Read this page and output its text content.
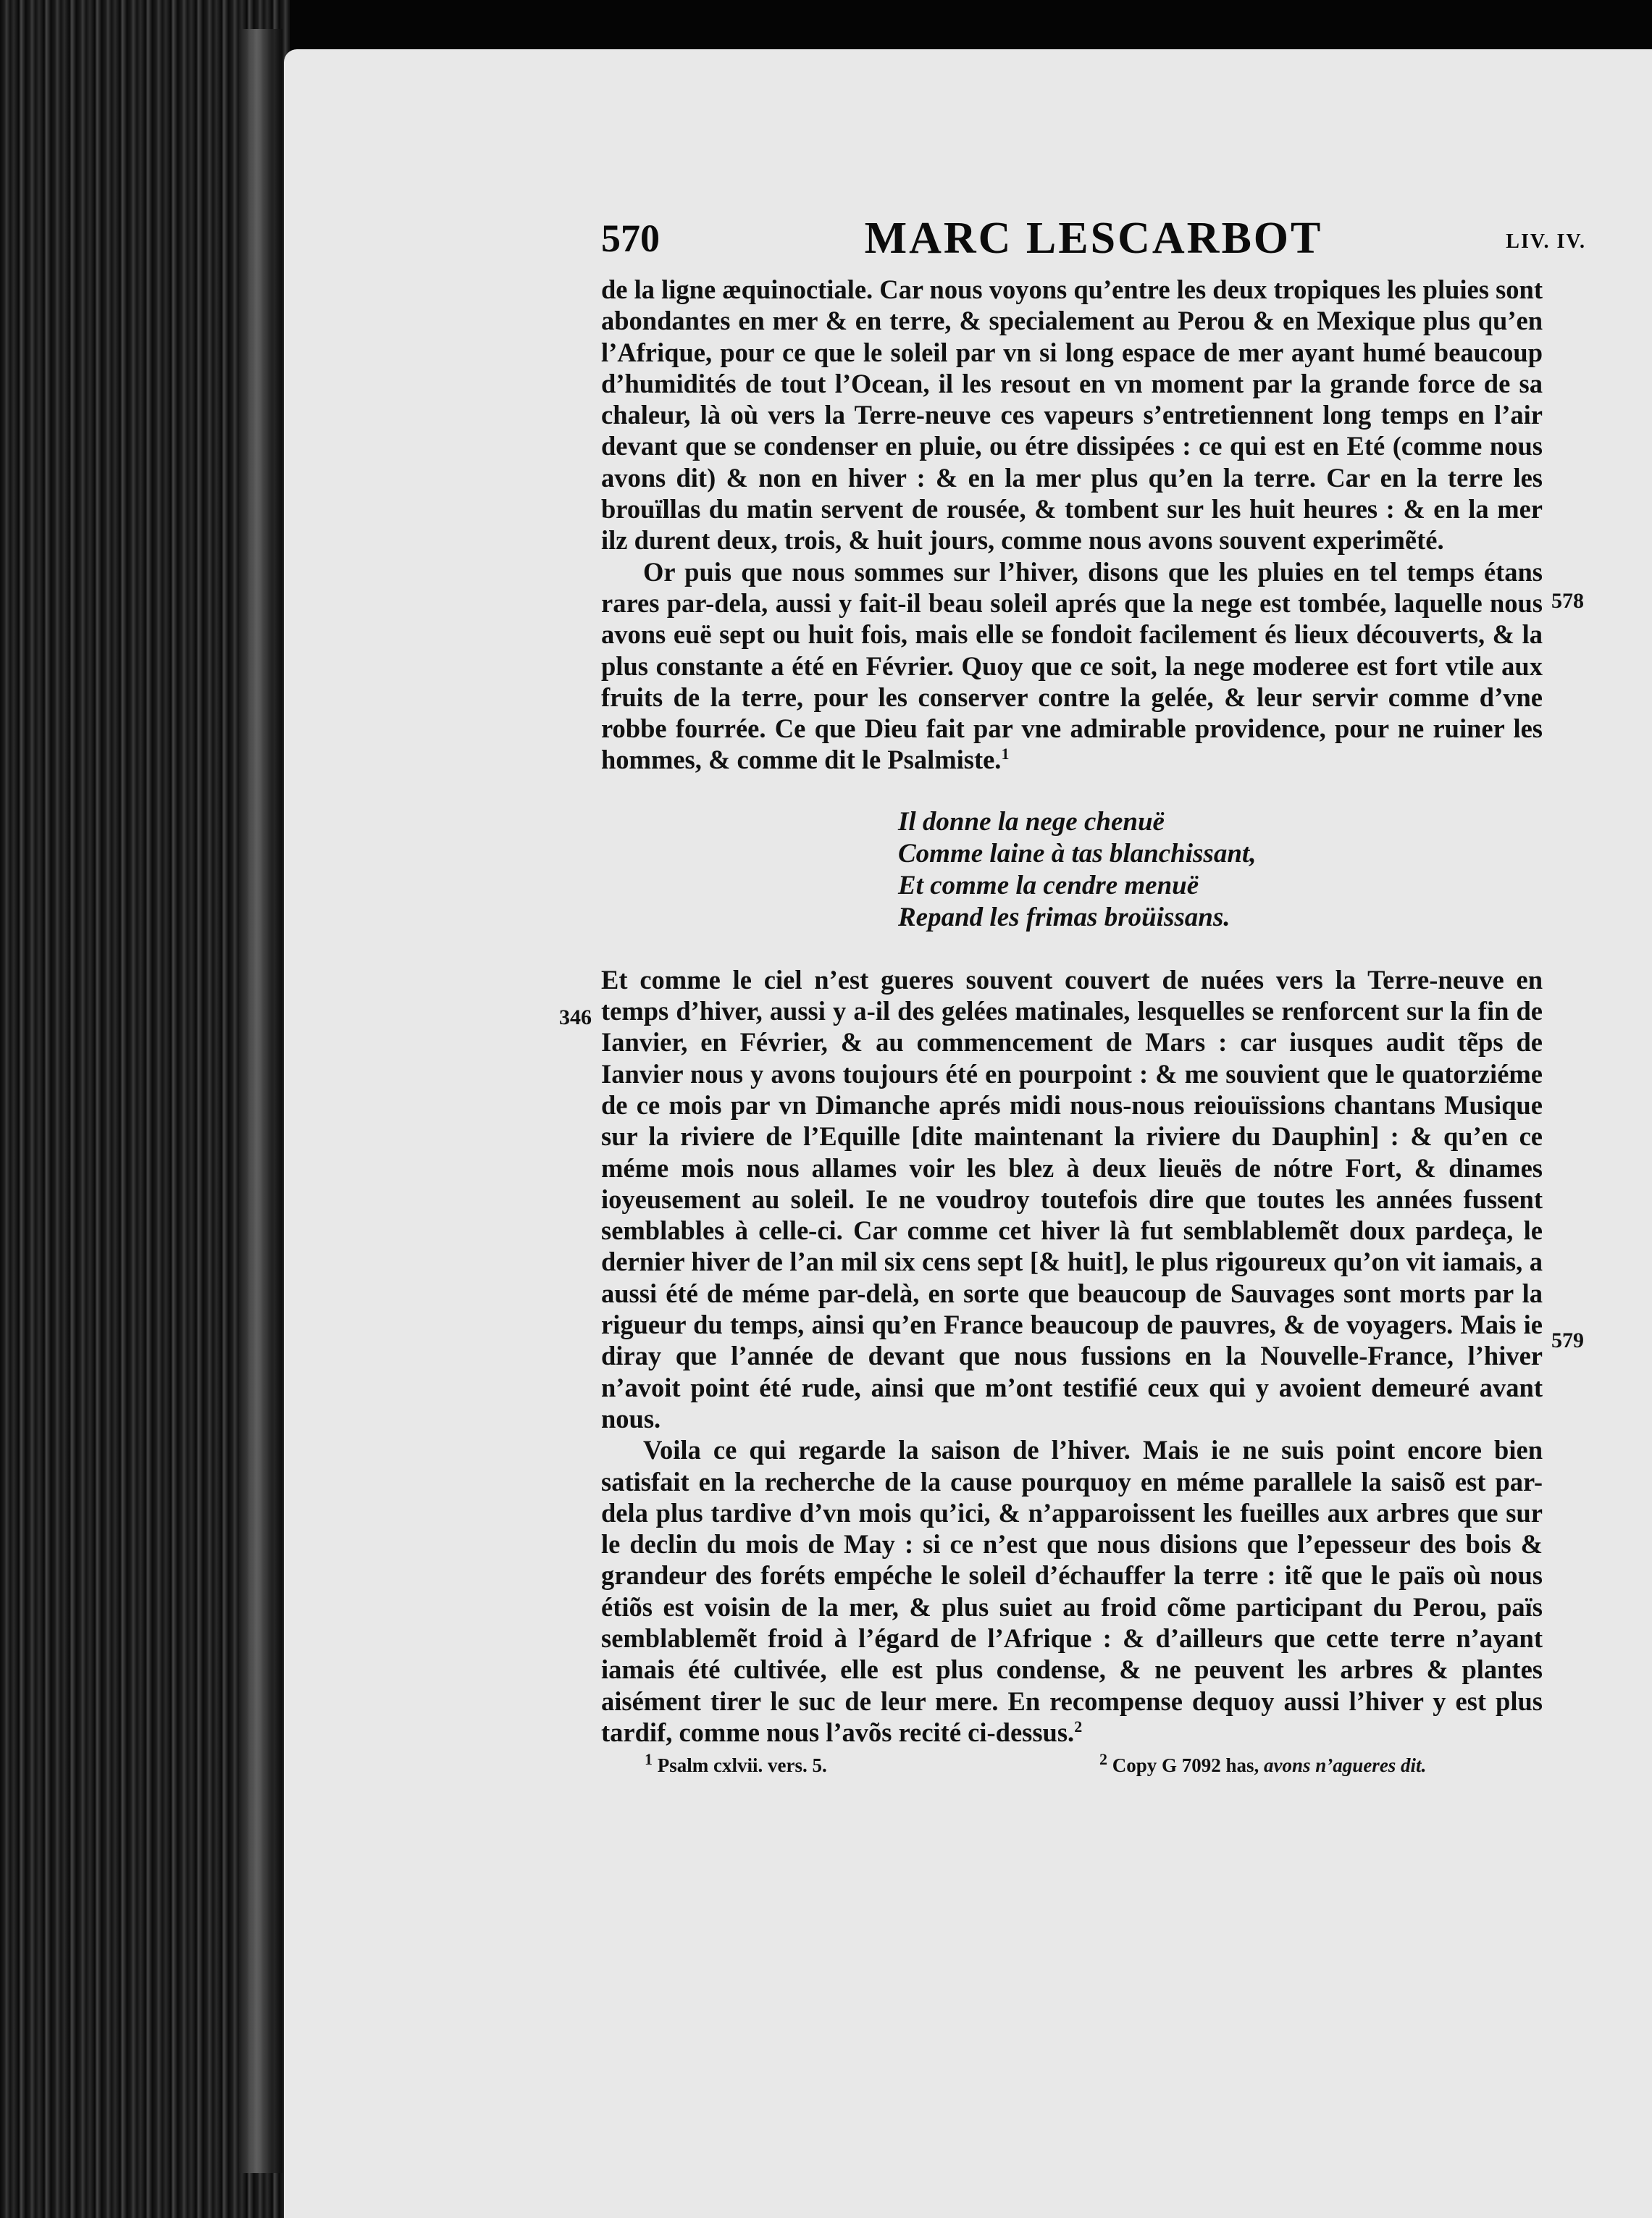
570	MARC LESCARBOT	LIV. IV.

de la ligne æquinoctiale. Car nous voyons qu’entre les deux tropiques les pluies sont abondantes en mer & en terre, & specialement au Perou & en Mexique plus qu’en l’Afrique, pour ce que le soleil par vn si long espace de mer ayant humé beaucoup d’humidités de tout l’Ocean, il les resout en vn moment par la grande force de sa chaleur, là où vers la Terre-neuve ces vapeurs s’entretiennent long temps en l’air devant que se condenser en pluie, ou étre dissipées : ce qui est en Eté (comme nous avons dit) & non en hiver : & en la mer plus qu’en la terre. Car en la terre les brouïllas du matin servent de rousée, & tombent sur les huit heures : & en la mer ilz durent deux, trois, & huit jours, comme nous avons souvent experimẽté.

Or puis que nous sommes sur l’hiver, disons que les pluies en tel temps étans rares par-dela, aussi y fait-il beau soleil aprés que la nege est tombée, laquelle nous avons euë sept ou huit fois, mais elle se fondoit facilement és lieux découverts, & la plus constante a été en Février. Quoy que ce soit, la nege moderee est fort vtile aux fruits de la terre, pour les conserver contre la gelée, & leur servir comme d’vne robbe fourrée. Ce que Dieu fait par vne admirable providence, pour ne ruiner les hommes, & comme dit le Psalmiste.$^1$

Il donne la nege chenuë
Comme laine à tas blanchissant,
Et comme la cendre menuë
Repand les frimas broüissans.

Et comme le ciel n’est gueres souvent couvert de nuées vers la Terre-neuve en temps d’hiver, aussi y a-il des gelées matinales, lesquelles se renforcent sur la fin de Ianvier, en Février, & au commencement de Mars : car iusques audit tẽps de Ianvier nous y avons toujours été en pourpoint : & me souvient que le quatorziéme de ce mois par vn Dimanche aprés midi nous-nous reiouïssions chantans Musique sur la riviere de l’Equille [dite maintenant la riviere du Dauphin] : & qu’en ce méme mois nous allames voir les blez à deux lieuës de nótre Fort, & dinames ioyeusement au soleil. Ie ne voudroy toutefois dire que toutes les années fussent semblables à celle-ci. Car comme cet hiver là fut semblablemẽt doux pardeça, le dernier hiver de l’an mil six cens sept [& huit], le plus rigoureux qu’on vit iamais, a aussi été de méme par-delà, en sorte que beaucoup de Sauvages sont morts par la rigueur du temps, ainsi qu’en France beaucoup de pauvres, & de voyagers. Mais ie diray que l’année de devant que nous fussions en la Nouvelle-France, l’hiver n’avoit point été rude, ainsi que m’ont testifié ceux qui y avoient demeuré avant nous.

Voila ce qui regarde la saison de l’hiver. Mais ie ne suis point encore bien satisfait en la recherche de la cause pourquoy en méme parallele la saisõ est par-dela plus tardive d’vn mois qu’ici, & n’apparoissent les fueilles aux arbres que sur le declin du mois de May : si ce n’est que nous disions que l’epesseur des bois & grandeur des foréts empéche le soleil d’échauffer la terre : itẽ que le païs où nous étiõs est voisin de la mer, & plus suiet au froid cõme participant du Perou, païs semblablemẽt froid à l’égard de l’Afrique : & d’ailleurs que cette terre n’ayant iamais été cultivée, elle est plus condense, & ne peuvent les arbres & plantes aisément tirer le suc de leur mere. En recompense dequoy aussi l’hiver y est plus tardif, comme nous l’avõs recité ci-dessus.$^2$

578
346
579
$^1$ Psalm cxlvii. vers. 5.	$^2$ Copy G 7092 has, avons n’agueres dit.
